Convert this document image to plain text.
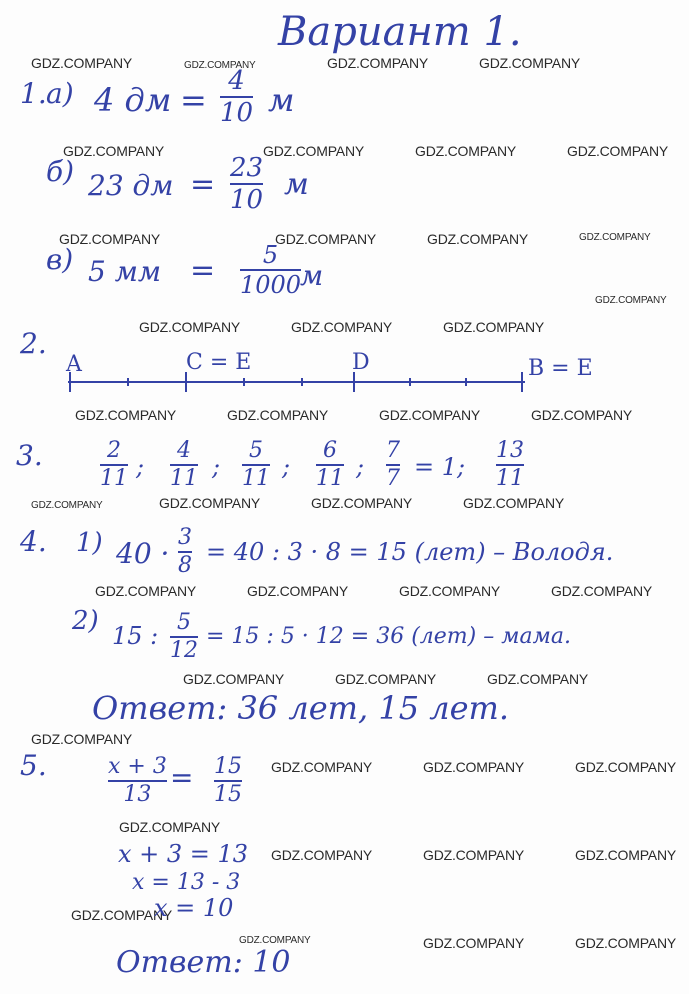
Вариант 1.
GDZ.COMPANY	GDZ.COMPANY	GDZ.COMPANY	GDZ.COMPANY
GDZ.COMPANY	GDZ.COMPANY	GDZ.COMPANY	GDZ.COMPANY
GDZ.COMPANY	GDZ.COMPANY	GDZ.COMPANY	GDZ.COMPANY
GDZ.COMPANY
GDZ.COMPANY	GDZ.COMPANY	GDZ.COMPANY
GDZ.COMPANY	GDZ.COMPANY	GDZ.COMPANY	GDZ.COMPANY
GDZ.COMPANY	GDZ.COMPANY	GDZ.COMPANY	GDZ.COMPANY
GDZ.COMPANY	GDZ.COMPANY	GDZ.COMPANY	GDZ.COMPANY
GDZ.COMPANY	GDZ.COMPANY	GDZ.COMPANY
GDZ.COMPANY
GDZ.COMPANY	GDZ.COMPANY	GDZ.COMPANY
GDZ.COMPANY
GDZ.COMPANY	GDZ.COMPANY	GDZ.COMPANY
GDZ.COMPANY
GDZ.COMPANY	GDZ.COMPANY	GDZ.COMPANY
1. а) 4 дм = 4
10 м
б) 23 дм = 23
10 м
в) 5 мм = 5
1000
м
2.
A	C = E	D	B = E
3.	2
11 ;
4
11 ;
5
11 ;
6
11 ;
7
7 = 1;
13
11
4. 1) 40 · 3
8 = 40 : 3 · 8 = 15 (лет) – Володя.
2) 15 : 5
12
= 15 : 5 · 12 = 36 (лет) – мама.
Ответ: 36 лет, 15 лет.
5.	x + 3
13
= 15
15
x + 3 = 13
x = 13 - 3
x = 10
Ответ: 10
